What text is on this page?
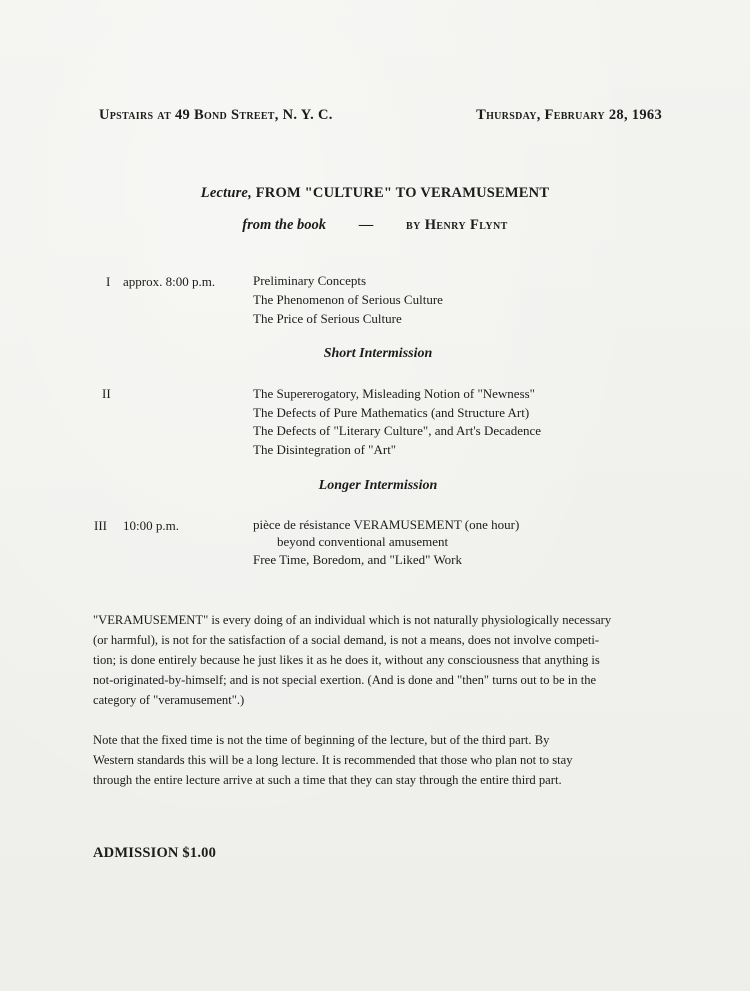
Upstairs at 49 Bond Street, N. Y. C.	Thursday, February 28, 1963

Lecture, FROM "CULTURE" TO VERAMUSEMENT

from the book — by Henry Flynt

I approx. 8:00 p.m.	Preliminary Concepts
The Phenomenon of Serious Culture
The Price of Serious Culture
Short Intermission
II	The Supererogatory, Misleading Notion of "Newness"
The Defects of Pure Mathematics (and Structure Art)
The Defects of "Literary Culture", and Art's Decadence
The Disintegration of "Art"
Longer Intermission
III 10:00 p.m.	pièce de résistance VERAMUSEMENT (one hour)
beyond conventional amusement
Free Time, Boredom, and "Liked" Work
"VERAMUSEMENT" is every doing of an individual which is not naturally physiologically necessary
(or harmful), is not for the satisfaction of a social demand, is not a means, does not involve competi-
tion; is done entirely because he just likes it as he does it, without any consciousness that anything is
not-originated-by-himself; and is not special exertion. (And is done and "then" turns out to be in the
category of "veramusement".)
Note that the fixed time is not the time of beginning of the lecture, but of the third part. By
Western standards this will be a long lecture. It is recommended that those who plan not to stay
through the entire lecture arrive at such a time that they can stay through the entire third part.

ADMISSION $1.00
